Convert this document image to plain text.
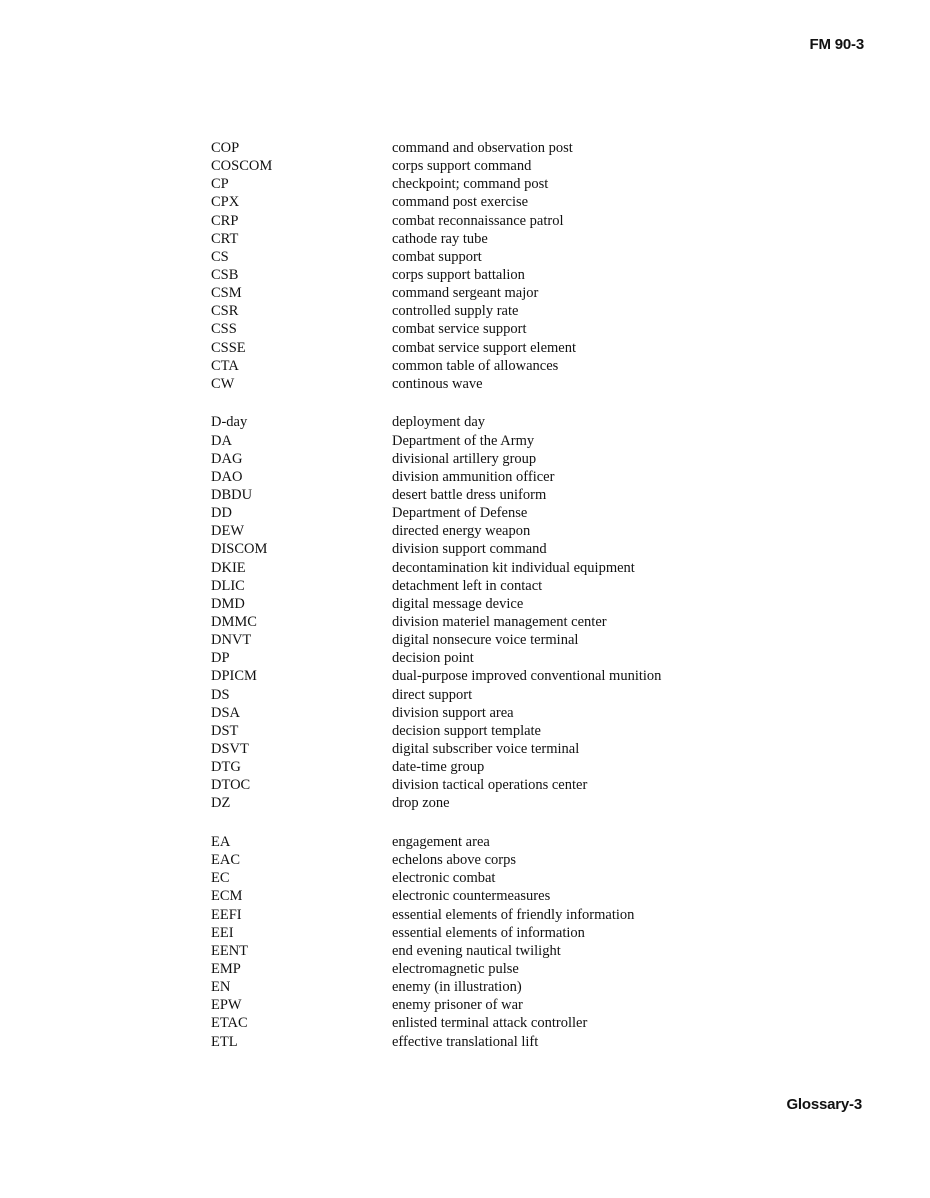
FM 90-3
COP	command and observation post
COSCOM	corps support command
CP	checkpoint; command post
CPX	command post exercise
CRP	combat reconnaissance patrol
CRT	cathode ray tube
CS	combat support
CSB	corps support battalion
CSM	command sergeant major
CSR	controlled supply rate
CSS	combat service support
CSSE	combat service support element
CTA	common table of allowances
CW	continous wave
D-day	deployment day
DA	Department of the Army
DAG	divisional artillery group
DAO	division ammunition officer
DBDU	desert battle dress uniform
DD	Department of Defense
DEW	directed energy weapon
DISCOM	division support command
DKIE	decontamination kit individual equipment
DLIC	detachment left in contact
DMD	digital message device
DMMC	division materiel management center
DNVT	digital nonsecure voice terminal
DP	decision point
DPICM	dual-purpose improved conventional munition
DS	direct support
DSA	division support area
DST	decision support template
DSVT	digital subscriber voice terminal
DTG	date-time group
DTOC	division tactical operations center
DZ	drop zone
EA	engagement area
EAC	echelons above corps
EC	electronic combat
ECM	electronic countermeasures
EEFI	essential elements of friendly information
EEI	essential elements of information
EENT	end evening nautical twilight
EMP	electromagnetic pulse
EN	enemy (in illustration)
EPW	enemy prisoner of war
ETAC	enlisted terminal attack controller
ETL	effective translational lift
Glossary-3
